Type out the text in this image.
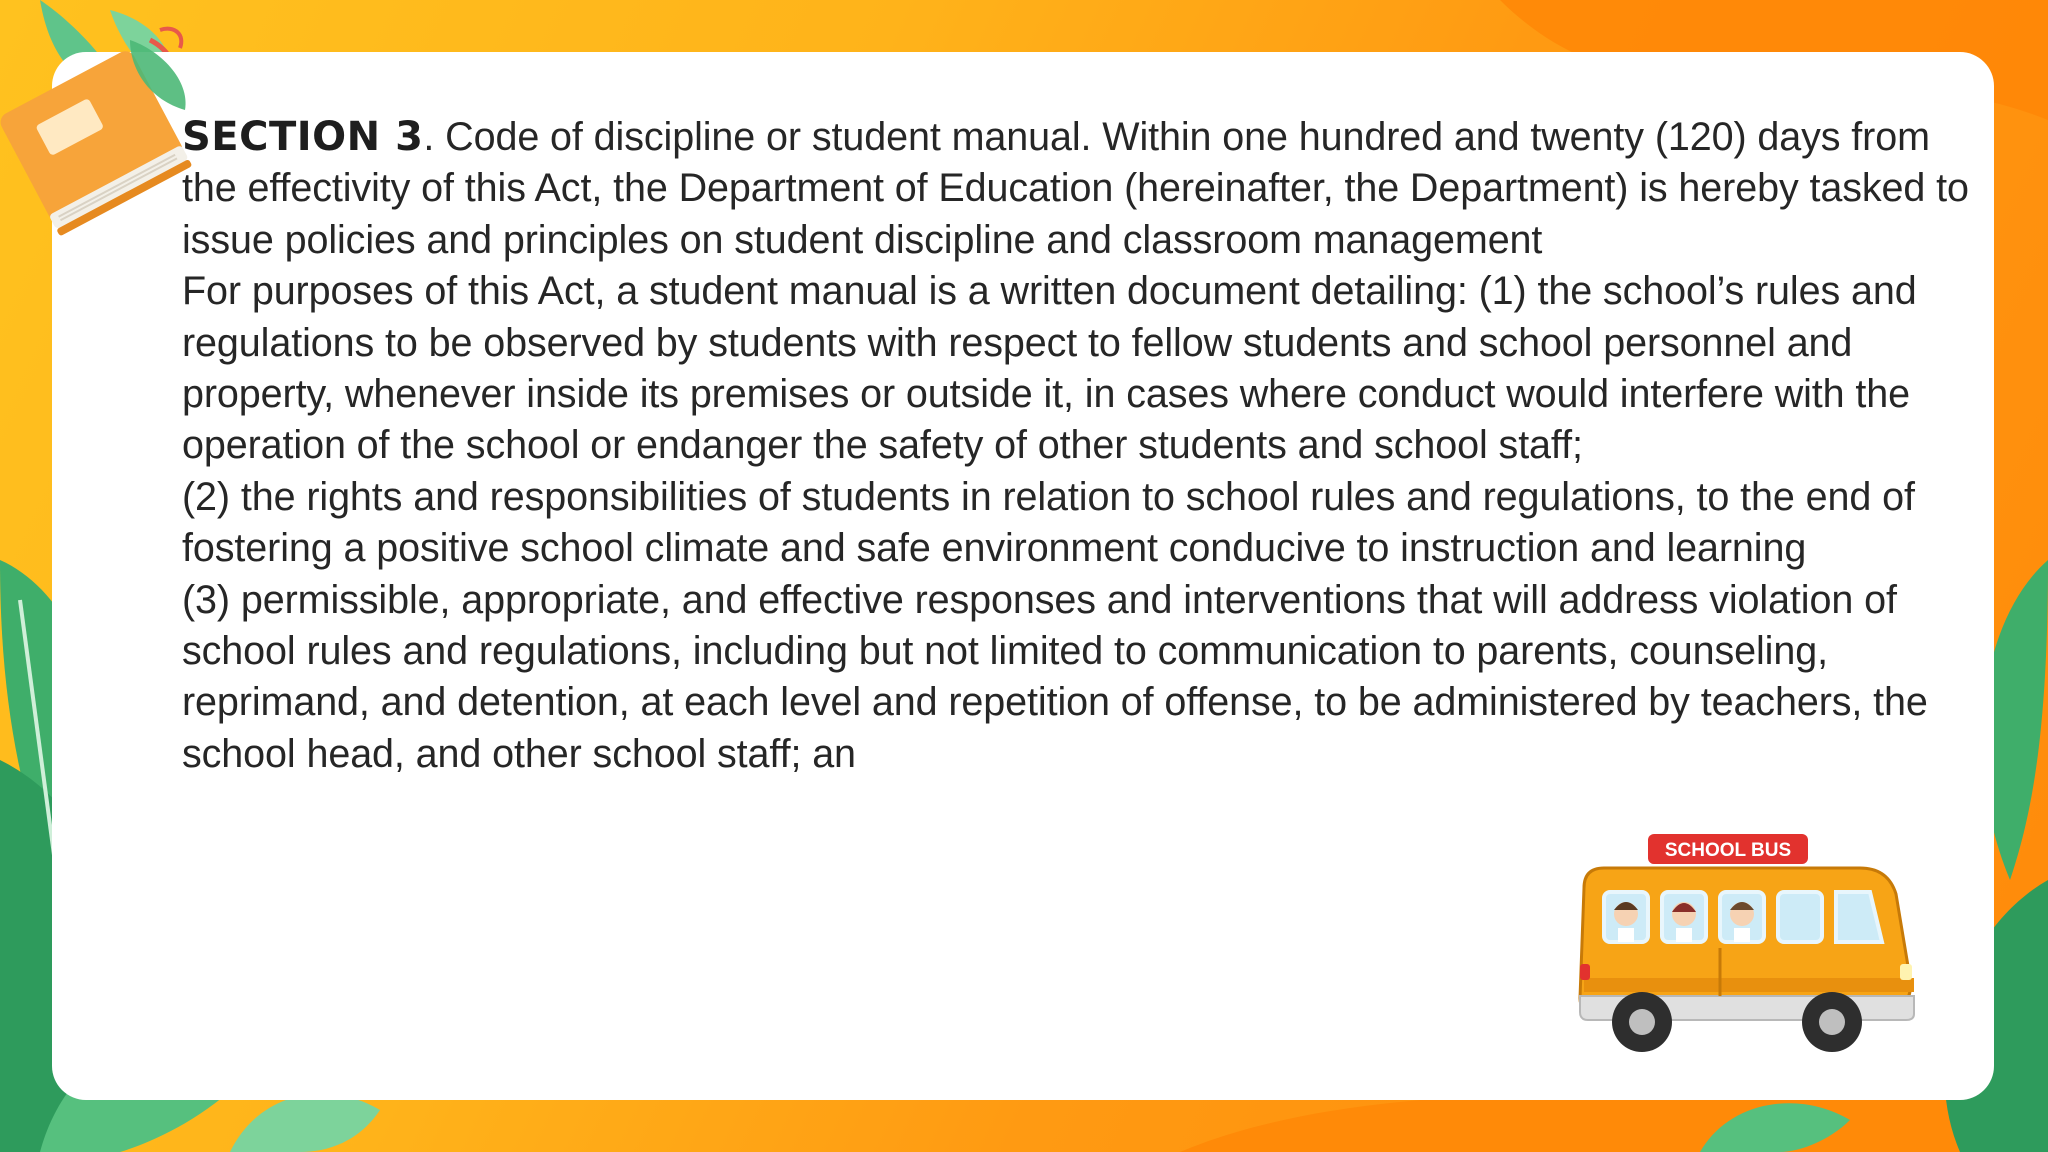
SECTION 3. Code of discipline or student manual. Within one hundred and twenty (120) days from the effectivity of this Act, the Department of Education (hereinafter, the Department) is hereby tasked to issue policies and principles on student discipline and classroom management

For purposes of this Act, a student manual is a written document detailing: (1) the school’s rules and regulations to be observed by students with respect to fellow students and school personnel and property, whenever inside its premises or outside it, in cases where conduct would interfere with the operation of the school or endanger the safety of other students and school staff;

(2) the rights and responsibilities of students in relation to school rules and regulations, to the end of fostering a positive school climate and safe environment conducive to instruction and learning

(3) permissible, appropriate, and effective responses and interventions that will address violation of school rules and regulations, including but not limited to communication to parents, counseling, reprimand, and detention, at each level and repetition of offense, to be administered by teachers, the school head, and other school staff; an

SCHOOL BUS
